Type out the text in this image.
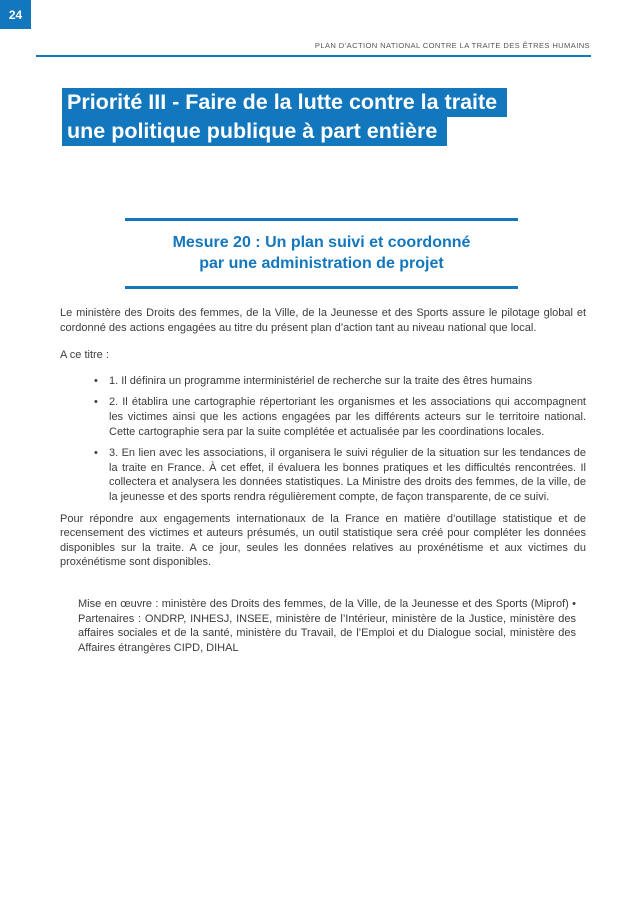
24
PLAN D’ACTION NATIONAL CONTRE LA TRAITE DES ÊTRES HUMAINS
Priorité III - Faire de la lutte contre la traite
une politique publique à part entière
Mesure 20 : Un plan suivi et coordonné
par une administration de projet

Le ministère des Droits des femmes, de la Ville, de la Jeunesse et des Sports assure le pilotage global et cordonné des actions engagées au titre du présent plan d’action tant au niveau national que local.

A ce titre :

•	1. Il définira un programme interministériel de recherche sur la traite des êtres humains
•	2. Il établira une cartographie répertoriant les organismes et les associations qui accompagnent les victimes ainsi que les actions engagées par les différents acteurs sur le territoire national. Cette cartographie sera par la suite complétée et actualisée par les coordinations locales.
•	3. En lien avec les associations, il organisera le suivi régulier de la situation sur les tendances de la traite en France. À cet effet, il évaluera les bonnes pratiques et les difficultés rencontrées. Il collectera et analysera les données statistiques. La Ministre des droits des femmes, de la ville, de la jeunesse et des sports rendra régulièrement compte, de façon transparente, de ce suivi.

Pour répondre aux engagements internationaux de la France en matière d’outillage statistique et de recensement des victimes et auteurs présumés, un outil statistique sera créé pour compléter les données disponibles sur la traite. A ce jour, seules les données relatives au proxénétisme et aux victimes du proxénétisme sont disponibles.

Mise en œuvre : ministère des Droits des femmes, de la Ville, de la Jeunesse et des Sports (Miprof) • Partenaires : ONDRP, INHESJ, INSEE, ministère de l’Intérieur, ministère de la Justice, ministère des affaires sociales et de la santé, ministère du Travail, de l’Emploi et du Dialogue social, ministère des Affaires étrangères CIPD, DIHAL
